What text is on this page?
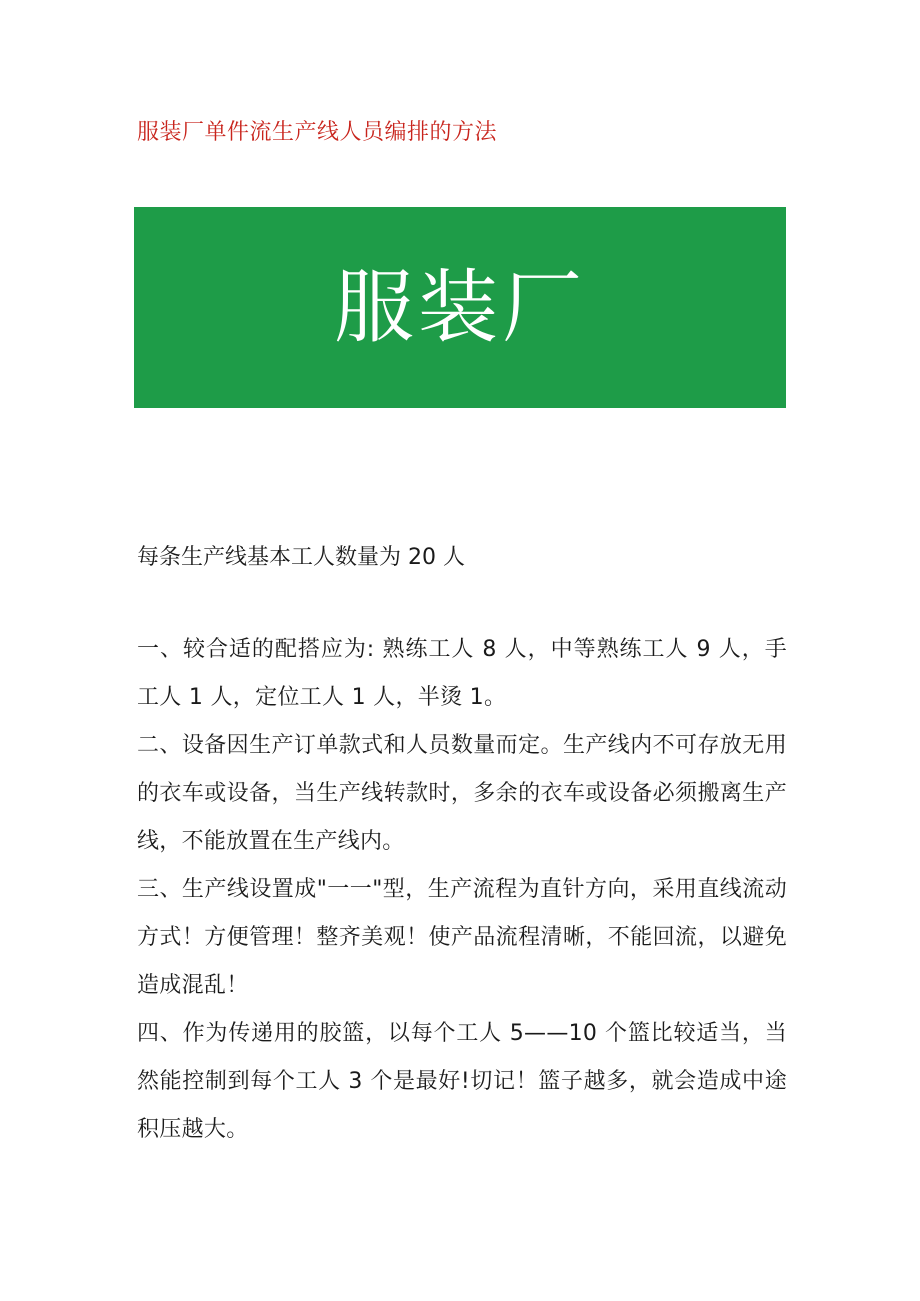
服装厂单件流生产线人员编排的方法
服装厂

每条生产线基本工人数量为 20 人

一、较合适的配搭应为: 熟练工人 8 人，中等熟练工人 9 人，手工人 1 人，定位工人 1 人，半烫 1。

二、设备因生产订单款式和人员数量而定。生产线内不可存放无用的衣车或设备，当生产线转款时，多余的衣车或设备必须搬离生产线，不能放置在生产线内。

三、生产线设置成"一一"型，生产流程为直针方向，采用直线流动方式！方便管理！整齐美观！使产品流程清晰，不能回流，以避免造成混乱！

四、作为传递用的胶篮，以每个工人 5——10 个篮比较适当，当然能控制到每个工人 3 个是最好!切记！篮子越多，就会造成中途积压越大。
